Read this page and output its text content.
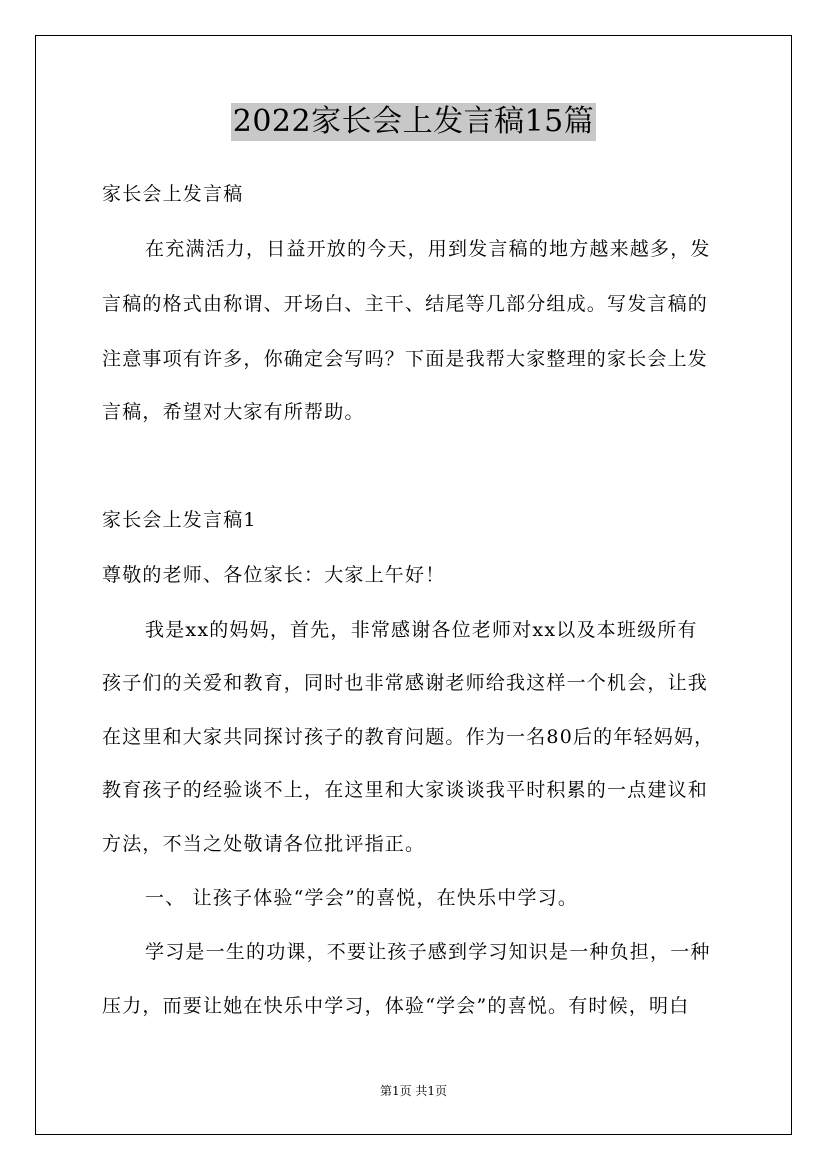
2022家长会上发言稿15篇
家长会上发言稿
在充满活力，日益开放的今天，用到发言稿的地方越来越多，发
言稿的格式由称谓、开场白、主干、结尾等几部分组成。写发言稿的
注意事项有许多，你确定会写吗？下面是我帮大家整理的家长会上发
言稿，希望对大家有所帮助。
家长会上发言稿1
尊敬的老师、各位家长：大家上午好！
我是xx的妈妈，首先，非常感谢各位老师对xx以及本班级所有
孩子们的关爱和教育，同时也非常感谢老师给我这样一个机会，让我
在这里和大家共同探讨孩子的教育问题。作为一名80后的年轻妈妈，
教育孩子的经验谈不上，在这里和大家谈谈我平时积累的一点建议和
方法，不当之处敬请各位批评指正。
一、 让孩子体验“学会”的喜悦，在快乐中学习。
学习是一生的功课，不要让孩子感到学习知识是一种负担，一种
压力，而要让她在快乐中学习，体验“学会”的喜悦。有时候，明白
第1页 共1页
